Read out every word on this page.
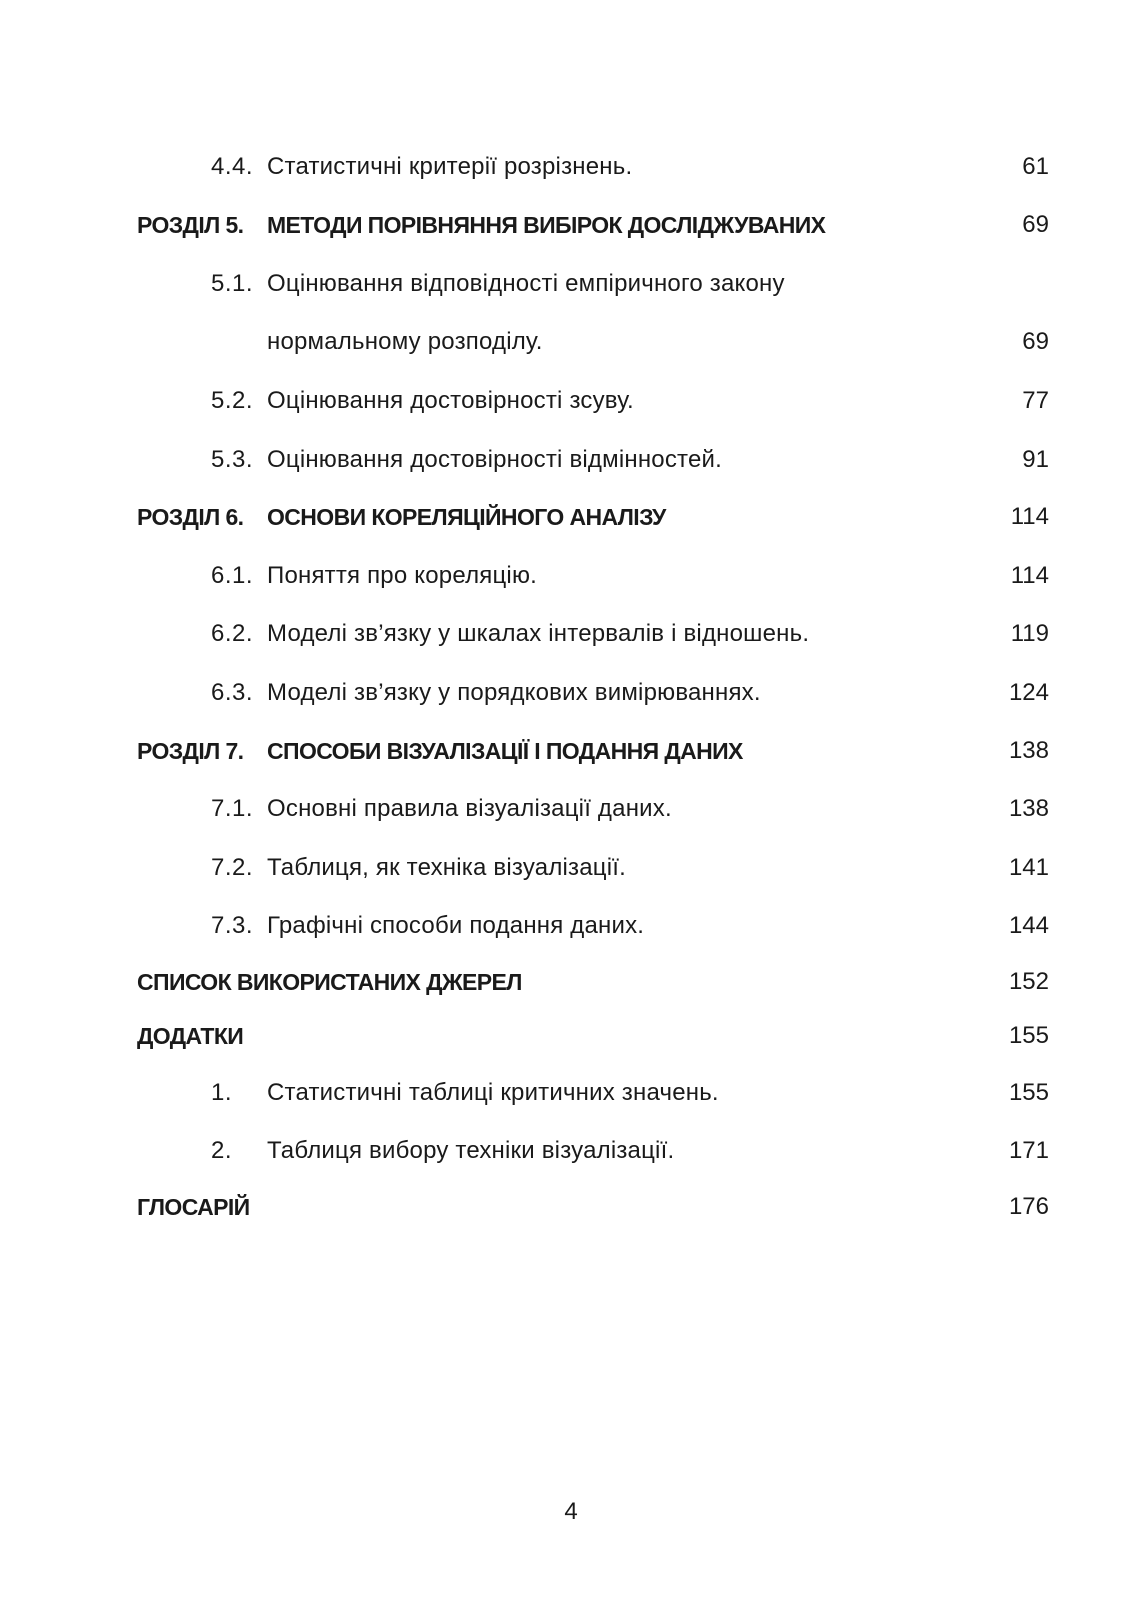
4.4. Статистичні критерії розрізнень.	61
РОЗДІЛ 5. МЕТОДИ ПОРІВНЯННЯ ВИБІРОК ДОСЛІДЖУВАНИХ	69
5.1. Оцінювання відповідності емпіричного закону
нормальному розподілу.	69
5.2. Оцінювання достовірності зсуву.	77
5.3. Оцінювання достовірності відмінностей.	91
РОЗДІЛ 6. ОСНОВИ КОРЕЛЯЦІЙНОГО АНАЛІЗУ	114
6.1. Поняття про кореляцію.	114
6.2. Моделі зв’язку у шкалах інтервалів і відношень.	119
6.3. Моделі зв’язку у порядкових вимірюваннях.	124
РОЗДІЛ 7. СПОСОБИ ВІЗУАЛІЗАЦІЇ І ПОДАННЯ ДАНИХ	138
7.1. Основні правила візуалізації даних.	138
7.2. Таблиця, як техніка візуалізації.	141
7.3. Графічні способи подання даних.	144
СПИСОК ВИКОРИСТАНИХ ДЖЕРЕЛ	152
ДОДАТКИ	155
1. Статистичні таблиці критичних значень.	155
2. Таблиця вибору техніки візуалізації.	171
ГЛОСАРІЙ	176
4
